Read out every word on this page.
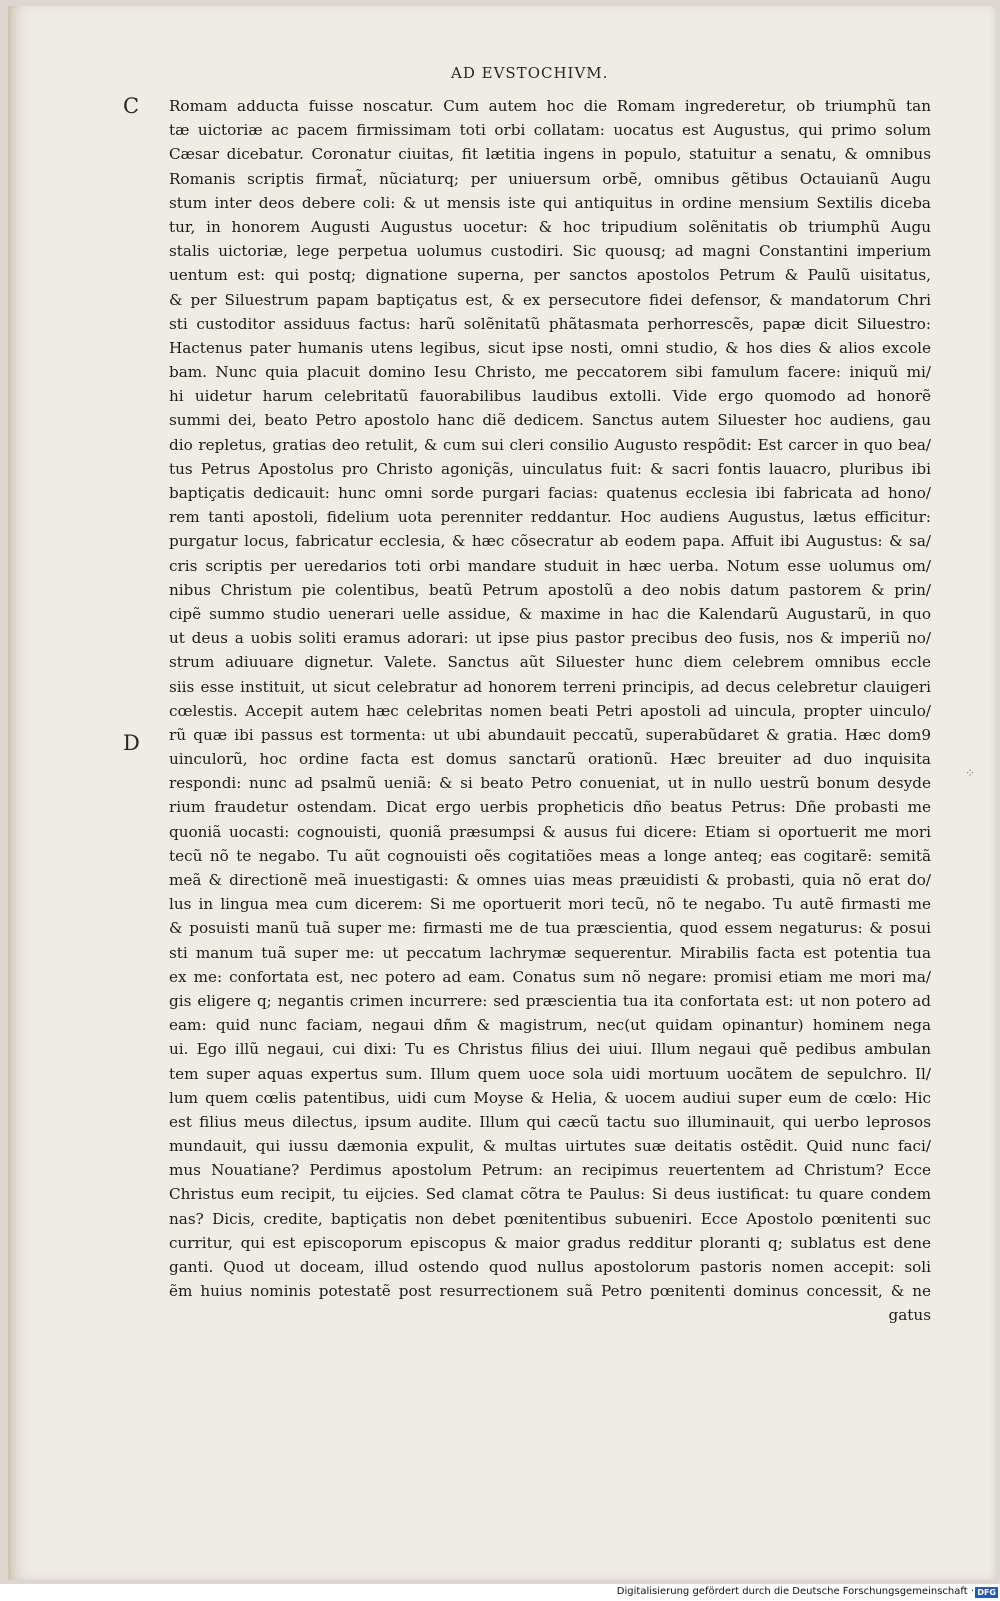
AD EVSTOCHIVM.
C
D
⁘
Romam adducta fuisse noscatur. Cum autem hoc die Romam ingrederetur, ob triumphũ tan
tæ uictoriæ ac pacem firmissimam toti orbi collatam: uocatus est Augustus, qui primo solum
Cæsar dicebatur. Coronatur ciuitas, fit lætitia ingens in populo, statuitur a senatu, & omnibus
Romanis scriptis firmat̃, nũciaturq; per uniuersum orbẽ, omnibus gẽtibus Octauianũ Augu
stum inter deos debere coli: & ut mensis iste qui antiquitus in ordine mensium Sextilis diceba
tur, in honorem Augusti Augustus uocetur: & hoc tripudium solẽnitatis ob triumphũ Augu
stalis uictoriæ, lege perpetua uolumus custodiri. Sic quousq; ad magni Constantini imperium
uentum est: qui postq; dignatione superna, per sanctos apostolos Petrum & Paulũ uisitatus,
& per Siluestrum papam baptiçatus est, & ex persecutore fidei defensor, & mandatorum Chri
sti custoditor assiduus factus: harũ solẽnitatũ phãtasmata perhorrescẽs, papæ dicit Siluestro:
Hactenus pater humanis utens legibus, sicut ipse nosti, omni studio, & hos dies & alios excole
bam. Nunc quia placuit domino Iesu Christo, me peccatorem sibi famulum facere: iniquũ mi/
hi uidetur harum celebritatũ fauorabilibus laudibus extolli. Vide ergo quomodo ad honorẽ
summi dei, beato Petro apostolo hanc diẽ dedicem. Sanctus autem Siluester hoc audiens, gau
dio repletus, gratias deo retulit, & cum sui cleri consilio Augusto respõdit: Est carcer in quo bea/
tus Petrus Apostolus pro Christo agoniçãs, uinculatus fuit: & sacri fontis lauacro, pluribus ibi
baptiçatis dedicauit: hunc omni sorde purgari facias: quatenus ecclesia ibi fabricata ad hono/
rem tanti apostoli, fidelium uota perenniter reddantur. Hoc audiens Augustus, lætus efficitur:
purgatur locus, fabricatur ecclesia, & hæc cõsecratur ab eodem papa. Affuit ibi Augustus: & sa/
cris scriptis per ueredarios toti orbi mandare studuit in hæc uerba. Notum esse uolumus om/
nibus Christum pie colentibus, beatũ Petrum apostolũ a deo nobis datum pastorem & prin/
cipẽ summo studio uenerari uelle assidue, & maxime in hac die Kalendarũ Augustarũ, in quo
ut deus a uobis soliti eramus adorari: ut ipse pius pastor precibus deo fusis, nos & imperiũ no/
strum adiuuare dignetur. Valete. Sanctus aũt Siluester hunc diem celebrem omnibus eccle
siis esse instituit, ut sicut celebratur ad honorem terreni principis, ad decus celebretur clauigeri
cœlestis. Accepit autem hæc celebritas nomen beati Petri apostoli ad uincula, propter uinculo/
rũ quæ ibi passus est tormenta: ut ubi abundauit peccatũ, superabũdaret & gratia. Hæc dom9
uinculorũ, hoc ordine facta est domus sanctarũ orationũ. Hæc breuiter ad duo inquisita
respondi: nunc ad psalmũ ueniã: & si beato Petro conueniat, ut in nullo uestrũ bonum desyde
rium fraudetur ostendam. Dicat ergo uerbis propheticis dño beatus Petrus: Dñe probasti me
quoniã uocasti: cognouisti, quoniã præsumpsi & ausus fui dicere: Etiam si oportuerit me mori
tecũ nõ te negabo. Tu aũt cognouisti oẽs cogitatiões meas a longe anteq; eas cogitarẽ: semitã
meã & directionẽ meã inuestigasti: & omnes uias meas præuidisti & probasti, quia nõ erat do/
lus in lingua mea cum dicerem: Si me oportuerit mori tecũ, nõ te negabo. Tu autẽ firmasti me
& posuisti manũ tuã super me: firmasti me de tua præscientia, quod essem negaturus: & posui
sti manum tuã super me: ut peccatum lachrymæ sequerentur. Mirabilis facta est potentia tua
ex me: confortata est, nec potero ad eam. Conatus sum nõ negare: promisi etiam me mori ma/
gis eligere q; negantis crimen incurrere: sed præscientia tua ita confortata est: ut non potero ad
eam: quid nunc faciam, negaui dñm & magistrum, nec(ut quidam opinantur) hominem nega
ui. Ego illũ negaui, cui dixi: Tu es Christus filius dei uiui. Illum negaui quẽ pedibus ambulan
tem super aquas expertus sum. Illum quem uoce sola uidi mortuum uocãtem de sepulchro. Il/
lum quem cœlis patentibus, uidi cum Moyse & Helia, & uocem audiui super eum de cœlo: Hic
est filius meus dilectus, ipsum audite. Illum qui cæcũ tactu suo illuminauit, qui uerbo leprosos
mundauit, qui iussu dæmonia expulit, & multas uirtutes suæ deitatis ostẽdit. Quid nunc faci/
mus Nouatiane? Perdimus apostolum Petrum: an recipimus reuertentem ad Christum? Ecce
Christus eum recipit, tu eijcies. Sed clamat cõtra te Paulus: Si deus iustificat: tu quare condem
nas? Dicis, credite, baptiçatis non debet pœnitentibus subueniri. Ecce Apostolo pœnitenti suc
curritur, qui est episcoporum episcopus & maior gradus redditur ploranti q; sublatus est dene
ganti. Quod ut doceam, illud ostendo quod nullus apostolorum pastoris nomen accepit: soli
ẽm huius nominis potestatẽ post resurrectionem suã Petro pœnitenti dominus concessit, & ne
gatus
Digitalisierung gefördert durch die Deutsche Forschungsgemeinschaft · DFG
